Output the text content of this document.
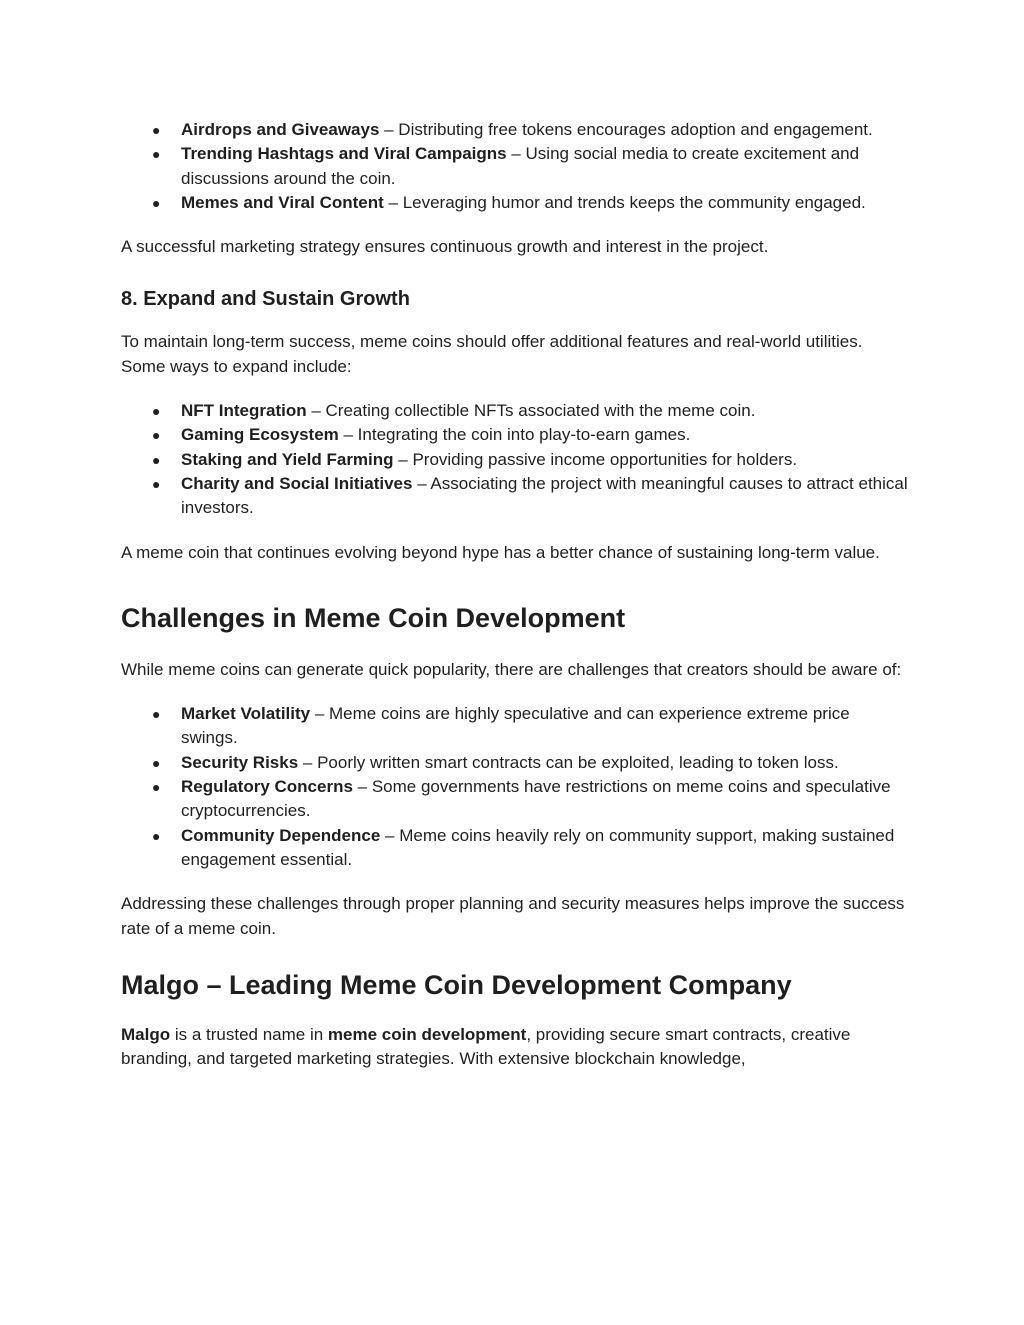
● Airdrops and Giveaways – Distributing free tokens encourages adoption and engagement.
● Trending Hashtags and Viral Campaigns – Using social media to create excitement and discussions around the coin.
● Memes and Viral Content – Leveraging humor and trends keeps the community engaged.

A successful marketing strategy ensures continuous growth and interest in the project.

8. Expand and Sustain Growth

To maintain long-term success, meme coins should offer additional features and real-world utilities. Some ways to expand include:

● NFT Integration – Creating collectible NFTs associated with the meme coin.
● Gaming Ecosystem – Integrating the coin into play-to-earn games.
● Staking and Yield Farming – Providing passive income opportunities for holders.
● Charity and Social Initiatives – Associating the project with meaningful causes to attract ethical investors.

A meme coin that continues evolving beyond hype has a better chance of sustaining long-term value.

Challenges in Meme Coin Development

While meme coins can generate quick popularity, there are challenges that creators should be aware of:

● Market Volatility – Meme coins are highly speculative and can experience extreme price swings.
● Security Risks – Poorly written smart contracts can be exploited, leading to token loss.
● Regulatory Concerns – Some governments have restrictions on meme coins and speculative cryptocurrencies.
● Community Dependence – Meme coins heavily rely on community support, making sustained engagement essential.

Addressing these challenges through proper planning and security measures helps improve the success rate of a meme coin.

Malgo – Leading Meme Coin Development Company

Malgo is a trusted name in meme coin development, providing secure smart contracts, creative branding, and targeted marketing strategies. With extensive blockchain knowledge,
